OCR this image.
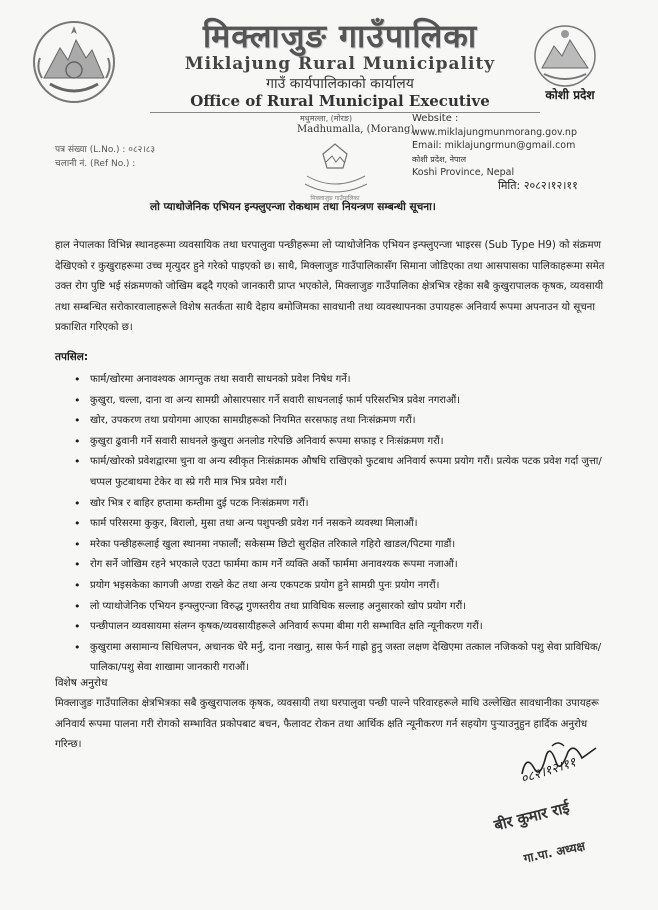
कोशी प्रदेश
मिक्लाजुङ गाउँपालिका
Miklajung Rural Municipality
गाउँ कार्यपालिकाको कार्यालय
Office of Rural Municipal Executive
मधुमल्ला, (मोरङ)
Madhumalla, (Morang)
पत्र संख्या (L.No.) : ०८२।८३
चलानी नं. (Ref No.) :
मिक्लाजुङ गाउँपालिका
Website :
www.miklajungmunmorang.gov.np
Email: miklajungrmun@gmail.com
कोशी प्रदेश, नेपाल
Koshi Province, Nepal
मिति: २०८२।१२।११
लो प्याथोजेनिक एभियन इन्फ्लुएन्जा रोकथाम तथा नियन्त्रण सम्बन्धी सूचना।

हाल नेपालका विभिन्न स्थानहरूमा व्यवसायिक तथा घरपालुवा पन्छीहरूमा लो प्याथोजेनिक एभियन इन्फ्लुएन्जा भाइरस (Sub Type H9) को संक्रमण देखिएको र कुखुराहरूमा उच्च मृत्युदर हुने गरेको पाइएको छ। साथै, मिक्लाजुङ गाउँपालिकासँग सिमाना जोडिएका तथा आसपासका पालिकाहरूमा समेत उक्त रोग पुष्टि भई संक्रमणको जोखिम बढ्दै गएको जानकारी प्राप्त भएकोले, मिक्लाजुङ गाउँपालिका क्षेत्रभित्र रहेका सबै कुखुरापालक कृषक, व्यवसायी तथा सम्बन्धित सरोकारवालाहरूले विशेष सतर्कता साथै देहाय बमोजिमका सावधानी तथा व्यवस्थापनका उपायहरू अनिवार्य रूपमा अपनाउन यो सूचना प्रकाशित गरिएको छ।

तपसिल:
• फार्म/खोरमा अनावश्यक आगन्तुक तथा सवारी साधनको प्रवेश निषेध गर्ने।
• कुखुरा, चल्ला, दाना वा अन्य सामग्री ओसारपसार गर्ने सवारी साधनलाई फार्म परिसरभित्र प्रवेश नगराऔं।
• खोर, उपकरण तथा प्रयोगमा आएका सामग्रीहरूको नियमित सरसफाइ तथा निःसंक्रमण गरौं।
• कुखुरा ढुवानी गर्ने सवारी साधनले कुखुरा अनलोड गरेपछि अनिवार्य रूपमा सफाइ र निःसंक्रमण गरौं।
• फार्म/खोरको प्रवेशद्वारमा चुना वा अन्य स्वीकृत निःसंक्रामक औषधि राखिएको फुटबाथ अनिवार्य रूपमा प्रयोग गरौं। प्रत्येक पटक प्रवेश गर्दा जुत्ता/चप्पल फुटबाथमा टेकेर वा स्प्रे गरी मात्र भित्र प्रवेश गरौं।
• खोर भित्र र बाहिर हप्तामा कम्तीमा दुई पटक निःसंक्रमण गरौं।
• फार्म परिसरमा कुकुर, बिरालो, मुसा तथा अन्य पशुपन्छी प्रवेश गर्न नसकने व्यवस्था मिलाऔं।
• मरेका पन्छीहरूलाई खुला स्थानमा नफालौं; सकेसम्म छिटो सुरक्षित तरिकाले गहिरो खाडल/पिटमा गाडौं।
• रोग सर्ने जोखिम रहने भएकाले एउटा फार्ममा काम गर्ने व्यक्ति अर्को फार्ममा अनावश्यक रूपमा नजाऔं।
• प्रयोग भइसकेका कागजी अण्डा राख्ने केट तथा अन्य एकपटक प्रयोग हुने सामग्री पुनः प्रयोग नगरौं।
• लो प्याथोजेनिक एभियन इन्फ्लुएन्जा विरुद्ध गुणस्तरीय तथा प्राविधिक सल्लाह अनुसारको खोप प्रयोग गरौं।
• पन्छीपालन व्यवसायमा संलग्न कृषक/व्यवसायीहरूले अनिवार्य रूपमा बीमा गरी सम्भावित क्षति न्यूनीकरण गरौं।
• कुखुरामा असामान्य सिथिलपन, अचानक धेरै मर्नु, दाना नखानु, सास फेर्न गाह्रो हुनु जस्ता लक्षण देखिएमा तत्काल नजिकको पशु सेवा प्राविधिक/पालिका/पशु सेवा शाखामा जानकारी गराऔं।
विशेष अनुरोध

मिक्लाजुङ गाउँपालिका क्षेत्रभित्रका सबै कुखुरापालक कृषक, व्यवसायी तथा घरपालुवा पन्छी पाल्ने परिवारहरूले माथि उल्लेखित सावधानीका उपायहरू अनिवार्य रूपमा पालना गरी रोगको सम्भावित प्रकोपबाट बचन, फैलावट रोकन तथा आर्थिक क्षति न्यूनीकरण गर्न सहयोग पुर्‍याउनुहुन हार्दिक अनुरोध गरिन्छ।

०८२।१२।११
बीर कुमार राई
गा.पा. अध्यक्ष
